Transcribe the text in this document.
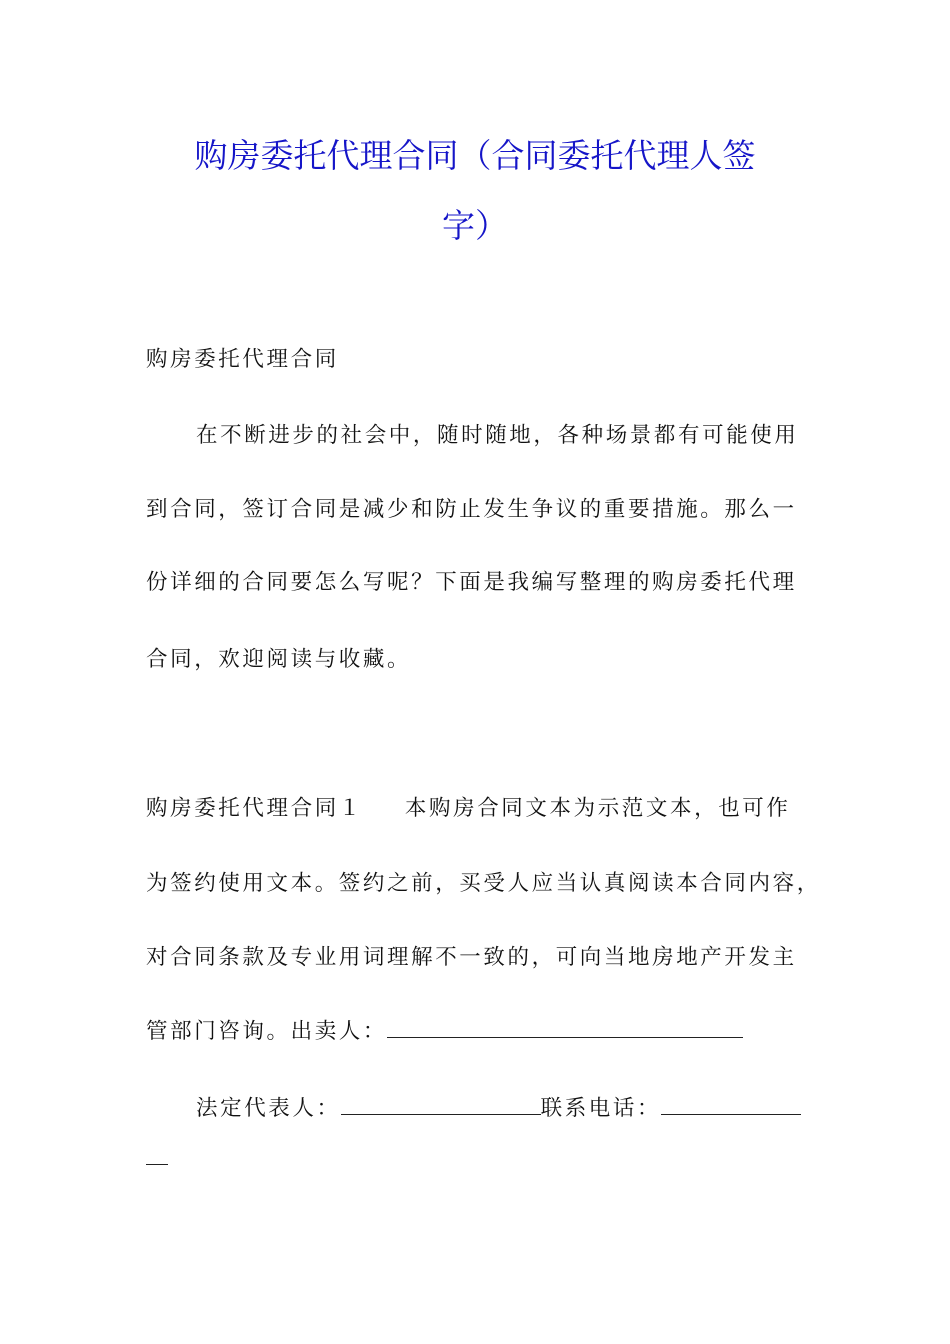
购房委托代理合同（合同委托代理人签
字）
购房委托代理合同
在不断进步的社会中，随时随地，各种场景都有可能使用
到合同，签订合同是减少和防止发生争议的重要措施。那么一
份详细的合同要怎么写呢？下面是我编写整理的购房委托代理
合同，欢迎阅读与收藏。
购房委托代理合同１ 本购房合同文本为示范文本，也可作
为签约使用文本。签约之前，买受人应当认真阅读本合同内容，
对合同条款及专业用词理解不一致的，可向当地房地产开发主
管部门咨询。出卖人：
法定代表人：	联系电话：
